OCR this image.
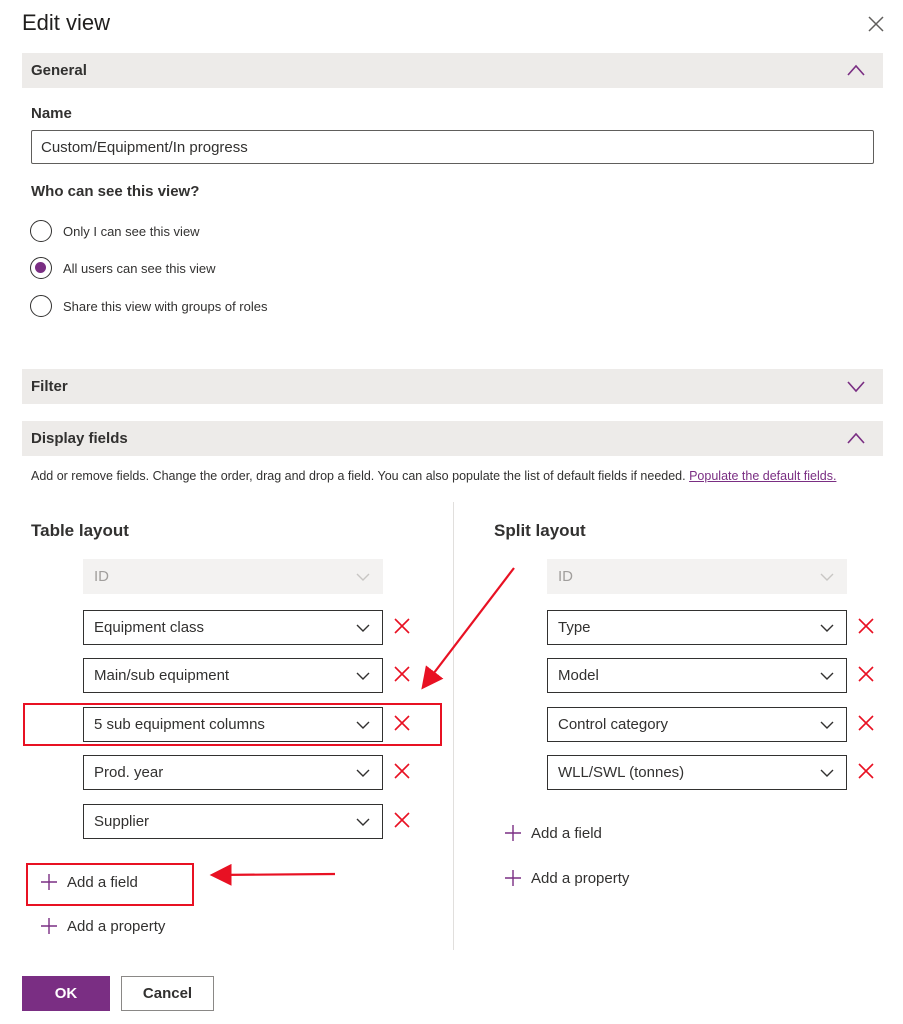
Edit view
General
Name
Custom/Equipment/In progress
Who can see this view?
Only I can see this view
All users can see this view
Share this view with groups of roles
Filter
Display fields
Add or remove fields. Change the order, drag and drop a field. You can also populate the list of default fields if needed. Populate the default fields.
Table layout
ID
Equipment class
Main/sub equipment
5 sub equipment columns
Prod. year
Supplier
Add a field
Add a property
Split layout
ID
Type
Model
Control category
WLL/SWL (tonnes)
Add a field
Add a property
OK	Cancel
